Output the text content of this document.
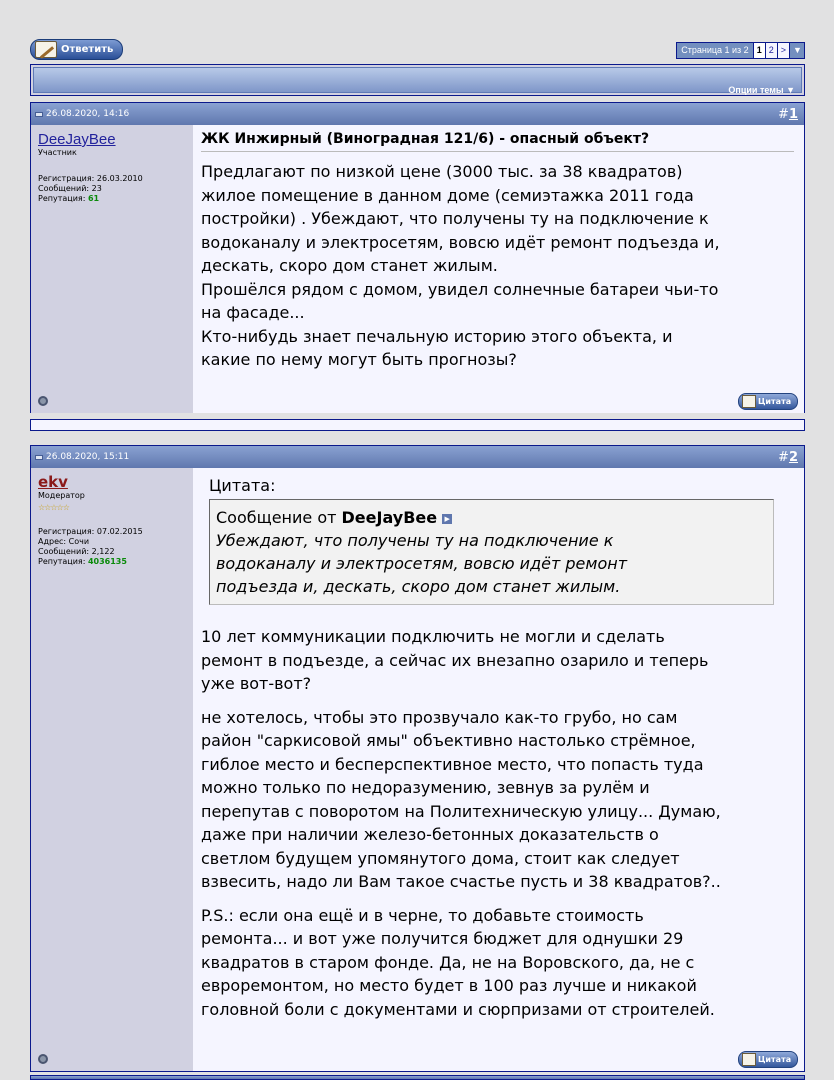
Ответить	Страница 1 из 2 1 2 > ▼
Опции темы ▼
26.08.2020, 14:16	#1
DeeJayBee
Участник
Регистрация: 26.03.2010
Сообщений: 23
Репутация: 61
ЖК Инжирный (Виноградная 121/6) - опасный объект?
Предлагают по низкой цене (3000 тыс. за 38 квадратов)
жилое помещение в данном доме (семиэтажка 2011 года
постройки) . Убеждают, что получены ту на подключение к
водоканалу и электросетям, вовсю идёт ремонт подъезда и,
дескать, скоро дом станет жилым.
Прошёлся рядом с домом, увидел солнечные батареи чьи-то
на фасаде...
Кто-нибудь знает печальную историю этого объекта, и
какие по нему могут быть прогнозы?
Цитата
26.08.2020, 15:11	#2
ekv
Модератор
☆☆☆☆☆
Регистрация: 07.02.2015
Адрес: Сочи
Сообщений: 2,122
Репутация: 4036135
Цитата:
Сообщение от DeeJayBee ▶
Убеждают, что получены ту на подключение к
водоканалу и электросетям, вовсю идёт ремонт
подъезда и, дескать, скоро дом станет жилым.

10 лет коммуникации подключить не могли и сделать
ремонт в подъезде, а сейчас их внезапно озарило и теперь
уже вот-вот?

не хотелось, чтобы это прозвучало как-то грубо, но сам
район "саркисовой ямы" объективно настолько стрёмное,
гиблое место и бесперспективное место, что попасть туда
можно только по недоразумению, зевнув за рулём и
перепутав с поворотом на Политехническую улицу... Думаю,
даже при наличии железо-бетонных доказательств о
светлом будущем упомянутого дома, стоит как следует
взвесить, надо ли Вам такое счастье пусть и 38 квадратов?..

P.S.: если она ещё и в черне, то добавьте стоимость
ремонта... и вот уже получится бюджет для однушки 29
квадратов в старом фонде. Да, не на Воровского, да, не с
евроремонтом, но место будет в 100 раз лучше и никакой
головной боли с документами и сюрпризами от строителей.

Цитата
